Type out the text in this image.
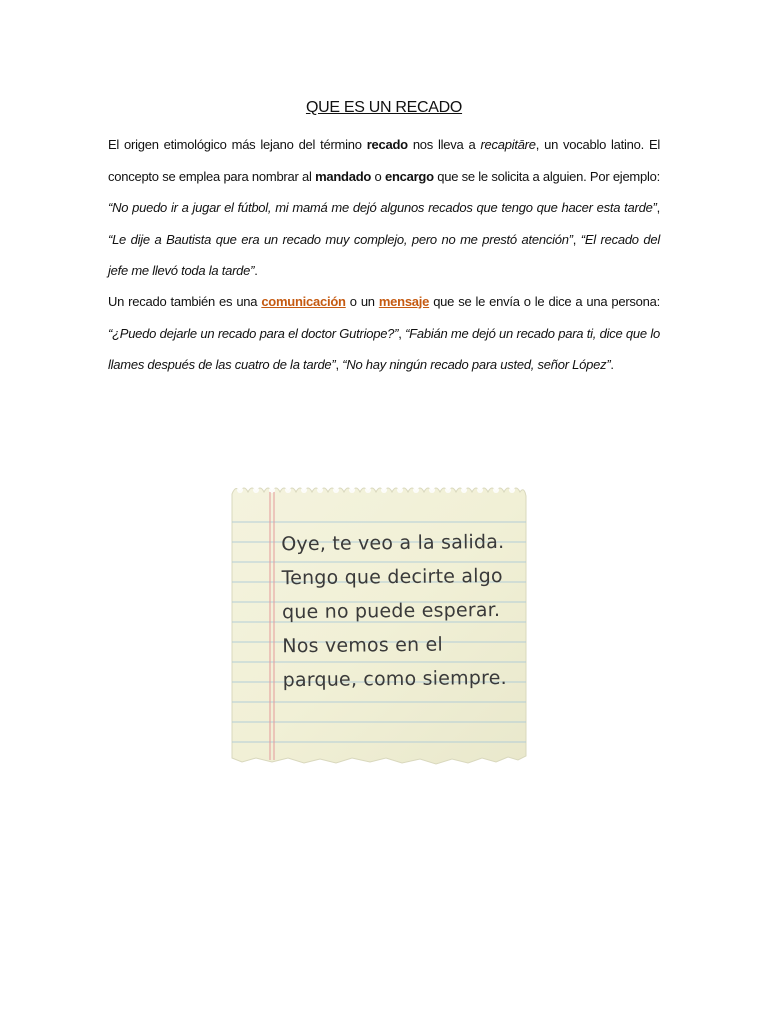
QUE ES UN RECADO
El origen etimológico más lejano del término recado nos lleva a recapitāre, un vocablo latino. El concepto se emplea para nombrar al mandado o encargo que se le solicita a alguien. Por ejemplo: “No puedo ir a jugar el fútbol, mi mamá me dejó algunos recados que tengo que hacer esta tarde”, “Le dije a Bautista que era un recado muy complejo, pero no me prestó atención”, “El recado del jefe me llevó toda la tarde”.
Un recado también es una comunicación o un mensaje que se le envía o le dice a una persona: “¿Puedo dejarle un recado para el doctor Gutriope?”, “Fabián me dejó un recado para ti, dice que lo llames después de las cuatro de la tarde”, “No hay ningún recado para usted, señor López”.
Oye, te veo a la salida.
Tengo que decirte algo
que no puede esperar.
Nos vemos en el
parque, como siempre.
